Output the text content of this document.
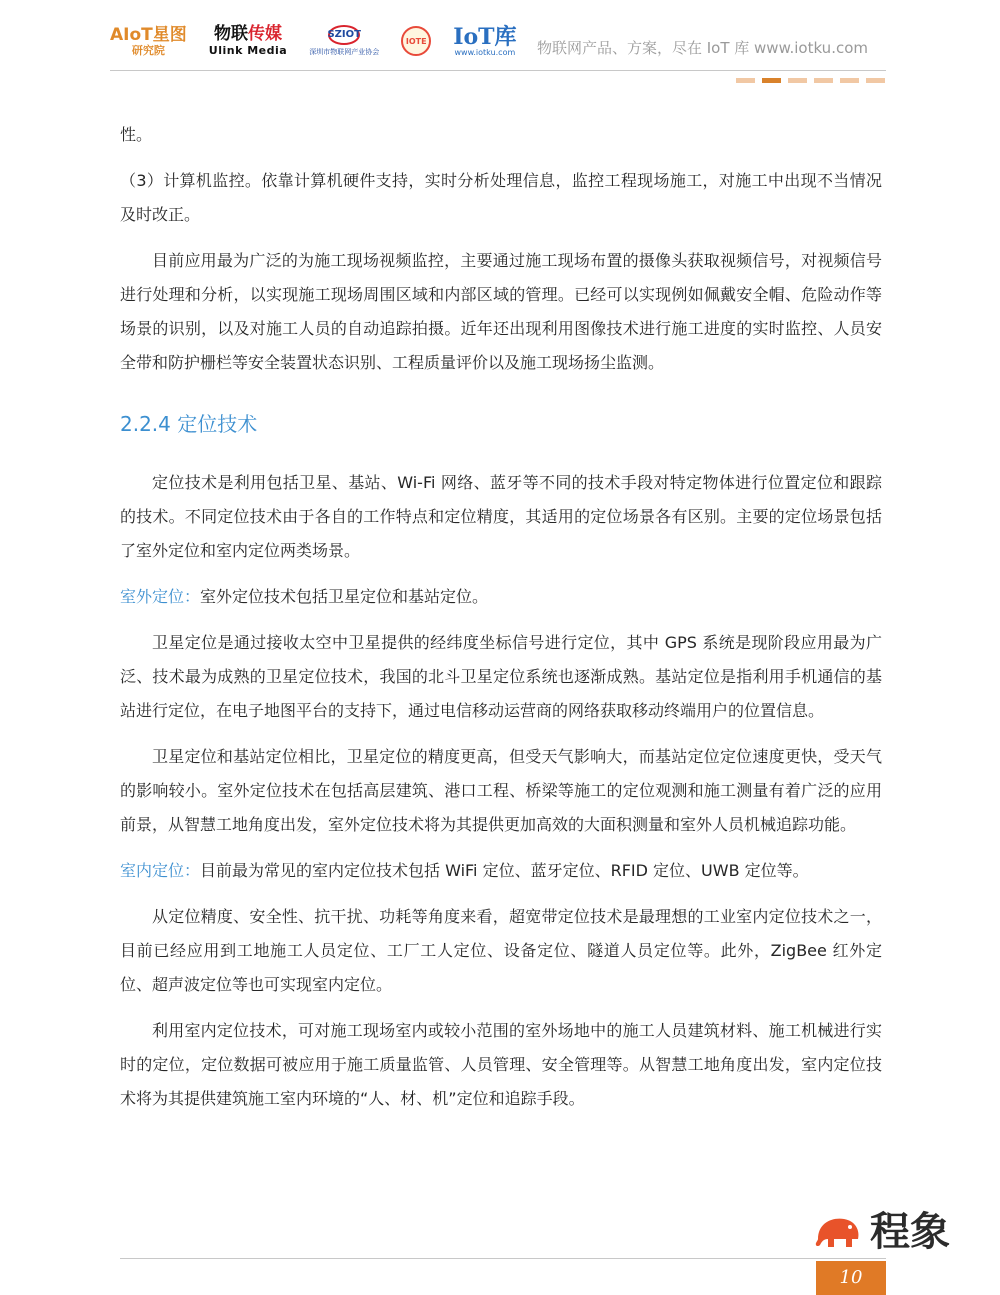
AIoT星图
研究院
物联传媒
Ulink Media
SZIOT
深圳市物联网产业协会
IOTE IoT库
www.iotku.com 物联网产品、方案，尽在 IoT 库 www.iotku.com

性。

（3）计算机监控。依靠计算机硬件支持，实时分析处理信息，监控工程现场施工，对施工中出现不当情况及时改正。

目前应用最为广泛的为施工现场视频监控，主要通过施工现场布置的摄像头获取视频信号，对视频信号进行处理和分析，以实现施工现场周围区域和内部区域的管理。已经可以实现例如佩戴安全帽、危险动作等场景的识别，以及对施工人员的自动追踪拍摄。近年还出现利用图像技术进行施工进度的实时监控、人员安全带和防护栅栏等安全装置状态识别、工程质量评价以及施工现场扬尘监测。

2.2.4 定位技术

定位技术是利用包括卫星、基站、Wi-Fi 网络、蓝牙等不同的技术手段对特定物体进行位置定位和跟踪的技术。不同定位技术由于各自的工作特点和定位精度，其适用的定位场景各有区别。主要的定位场景包括了室外定位和室内定位两类场景。

室外定位：室外定位技术包括卫星定位和基站定位。

卫星定位是通过接收太空中卫星提供的经纬度坐标信号进行定位，其中 GPS 系统是现阶段应用最为广泛、技术最为成熟的卫星定位技术，我国的北斗卫星定位系统也逐渐成熟。基站定位是指利用手机通信的基站进行定位，在电子地图平台的支持下，通过电信移动运营商的网络获取移动终端用户的位置信息。

卫星定位和基站定位相比，卫星定位的精度更高，但受天气影响大，而基站定位定位速度更快，受天气的影响较小。室外定位技术在包括高层建筑、港口工程、桥梁等施工的定位观测和施工测量有着广泛的应用前景，从智慧工地角度出发，室外定位技术将为其提供更加高效的大面积测量和室外人员机械追踪功能。

室内定位：目前最为常见的室内定位技术包括 WiFi 定位、蓝牙定位、RFID 定位、UWB 定位等。

从定位精度、安全性、抗干扰、功耗等角度来看，超宽带定位技术是最理想的工业室内定位技术之一，目前已经应用到工地施工人员定位、工厂工人定位、设备定位、隧道人员定位等。此外，ZigBee 红外定位、超声波定位等也可实现室内定位。

利用室内定位技术，可对施工现场室内或较小范围的室外场地中的施工人员建筑材料、施工机械进行实时的定位，定位数据可被应用于施工质量监管、人员管理、安全管理等。从智慧工地角度出发，室内定位技术将为其提供建筑施工室内环境的“人、材、机”定位和追踪手段。

10
程象
